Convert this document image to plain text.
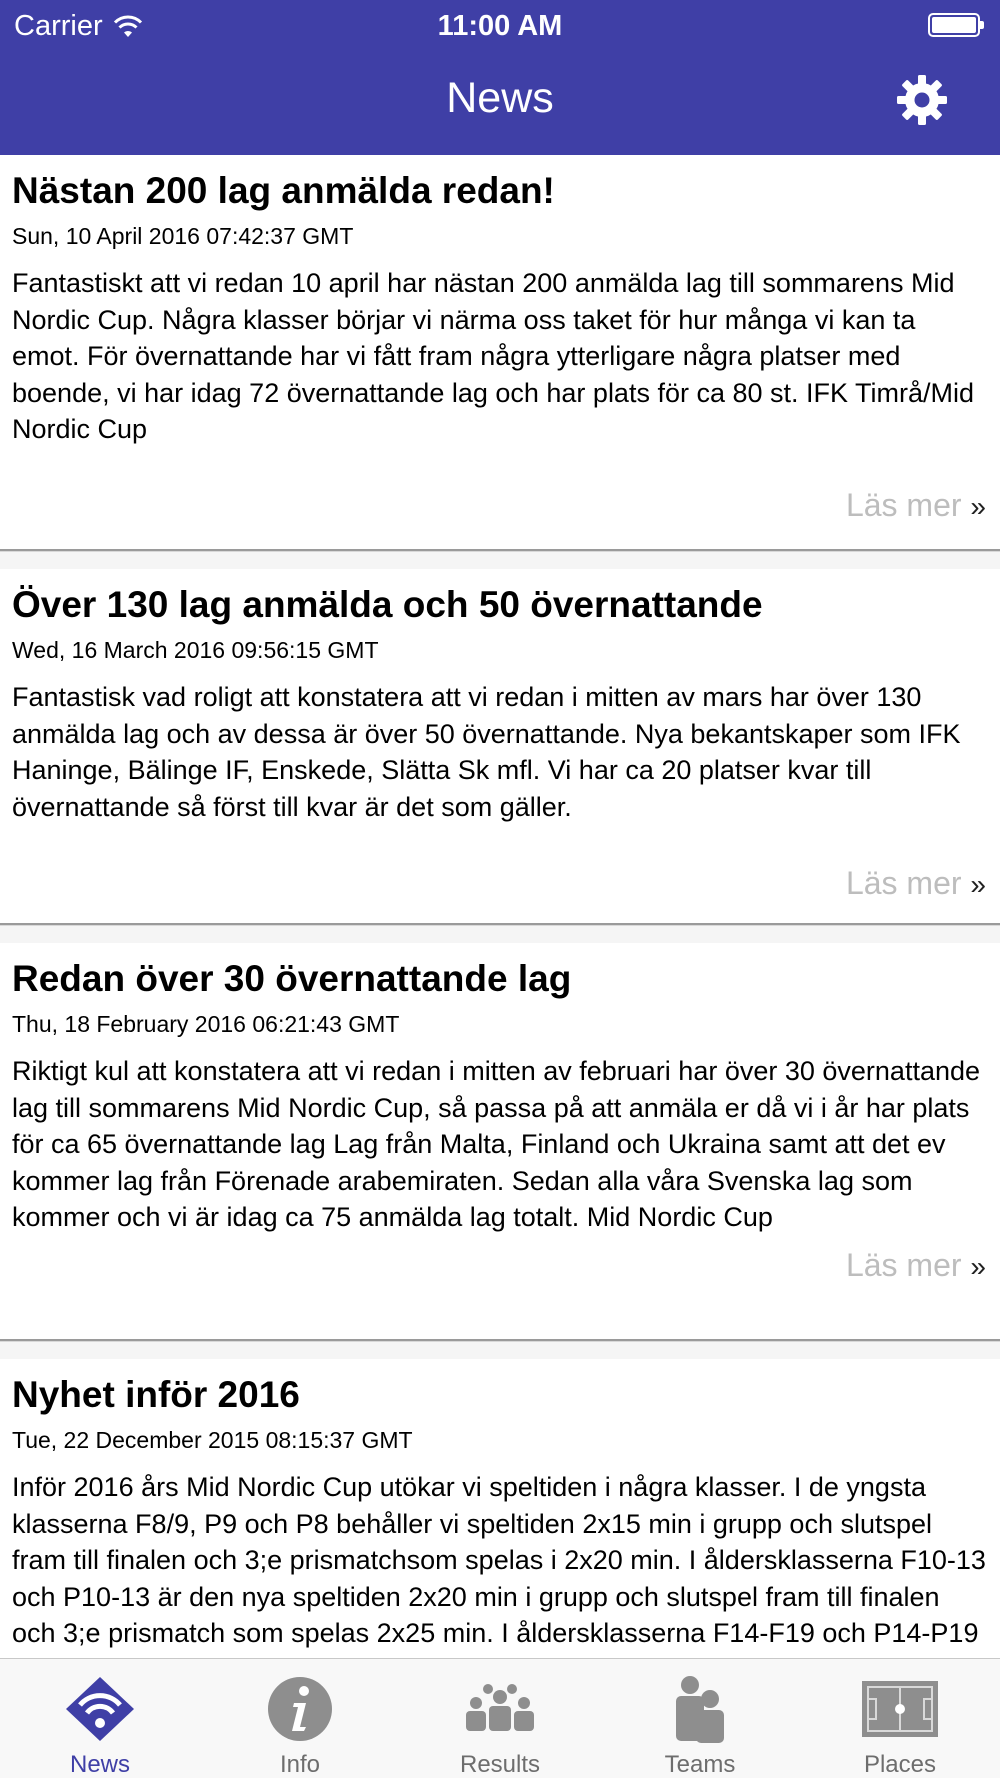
Carrier	11:00 AM
News
Nästan 200 lag anmälda redan!
Sun, 10 April 2016 07:42:37 GMT
Fantastiskt att vi redan 10 april har nästan 200 anmälda lag till sommarens Mid Nordic Cup. Några klasser börjar vi närma oss taket för hur många vi kan ta emot. För övernattande har vi fått fram några ytterligare några platser med boende, vi har idag 72 övernattande lag och har plats för ca 80 st. IFK Timrå/Mid Nordic Cup
Läs mer »
Över 130 lag anmälda och 50 övernattande
Wed, 16 March 2016 09:56:15 GMT
Fantastisk vad roligt att konstatera att vi redan i mitten av mars har över 130 anmälda lag och av dessa är över 50 övernattande. Nya bekantskaper som IFK Haninge, Bälinge IF, Enskede, Slätta Sk mfl. Vi har ca 20 platser kvar till övernattande så först till kvar är det som gäller.
Läs mer »
Redan över 30 övernattande lag
Thu, 18 February 2016 06:21:43 GMT
Riktigt kul att konstatera att vi redan i mitten av februari har över 30 övernattande lag till sommarens Mid Nordic Cup, så passa på att anmäla er då vi i år har plats för ca 65 övernattande lag Lag från Malta, Finland och Ukraina samt att det ev kommer lag från Förenade arabemiraten. Sedan alla våra Svenska lag som kommer och vi är idag ca 75 anmälda lag totalt. Mid Nordic Cup
Läs mer »
Nyhet inför 2016
Tue, 22 December 2015 08:15:37 GMT
Inför 2016 års Mid Nordic Cup utökar vi speltiden i några klasser. I de yngsta klasserna F8/9, P9 och P8 behåller vi speltiden 2x15 min i grupp och slutspel fram till finalen och 3;e prismatchsom spelas i 2x20 min. I åldersklasserna F10-13 och P10-13 är den nya speltiden 2x20 min i grupp och slutspel fram till finalen och 3;e prismatch som spelas 2x25 min. I åldersklasserna F14-F19 och P14-P19
News	Info	Results	Teams	Places
